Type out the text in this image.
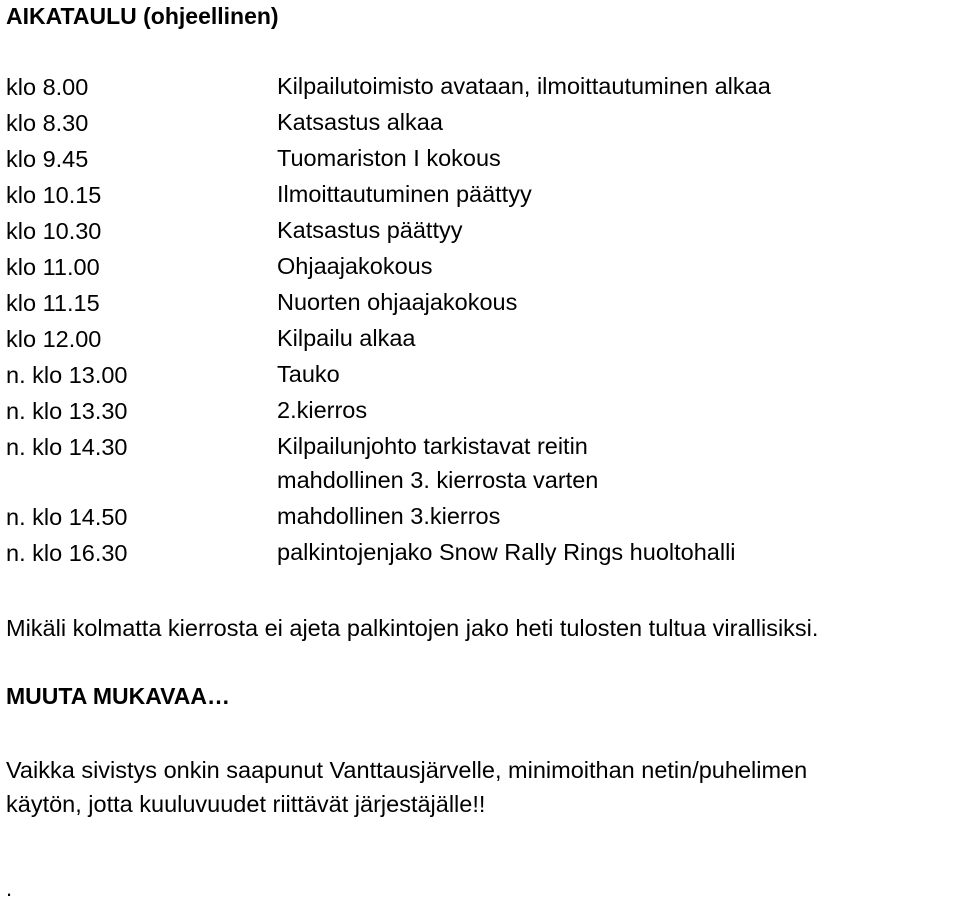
AIKATAULU (ohjeellinen)
klo 8.00	Kilpailutoimisto avataan, ilmoittautuminen alkaa
klo 8.30	Katsastus alkaa
klo 9.45	Tuomariston I kokous
klo 10.15	Ilmoittautuminen päättyy
klo 10.30	Katsastus päättyy
klo 11.00	Ohjaajakokous
klo 11.15	Nuorten ohjaajakokous
klo 12.00	Kilpailu alkaa
n. klo 13.00	Tauko
n. klo 13.30	2.kierros
n. klo 14.30	Kilpailunjohto tarkistavat reitin
mahdollinen 3. kierrosta varten
n. klo 14.50	mahdollinen 3.kierros
n. klo 16.30	palkintojenjako Snow Rally Rings huoltohalli
Mikäli kolmatta kierrosta ei ajeta palkintojen jako heti tulosten tultua virallisiksi.
MUUTA MUKAVAA…
Vaikka sivistys onkin saapunut Vanttausjärvelle, minimoithan netin/puhelimen
käytön, jotta kuuluvuudet riittävät järjestäjälle!!
.
